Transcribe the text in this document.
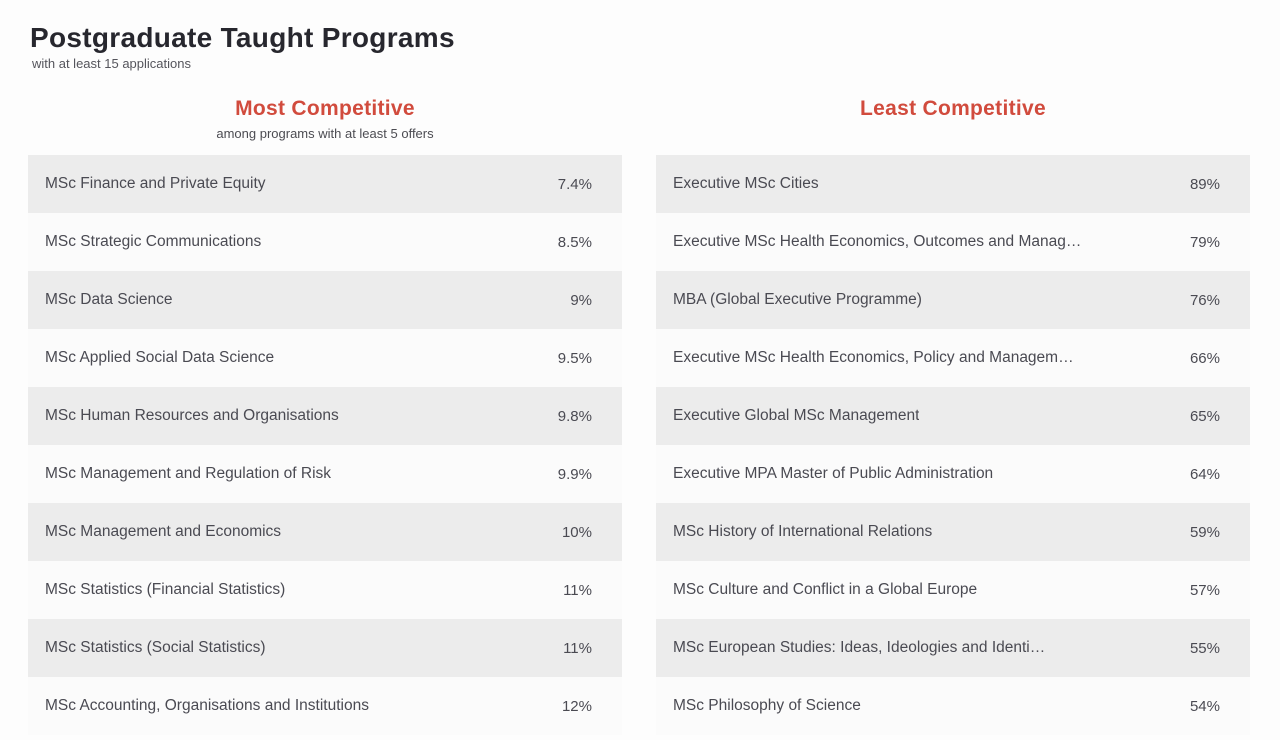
Postgraduate Taught Programs

with at least 15 applications

Most Competitive

among programs with at least 5 offers

MSc Finance and Private Equity	7.4%
MSc Strategic Communications	8.5%
MSc Data Science	9%
MSc Applied Social Data Science	9.5%
MSc Human Resources and Organisations	9.8%
MSc Management and Regulation of Risk	9.9%
MSc Management and Economics	10%
MSc Statistics (Financial Statistics)	11%
MSc Statistics (Social Statistics)	11%
MSc Accounting, Organisations and Institutions	12%
Least Competitive

Executive MSc Cities	89%
Executive MSc Health Economics, Outcomes and Manag…	79%
MBA (Global Executive Programme)	76%
Executive MSc Health Economics, Policy and Managem…	66%
Executive Global MSc Management	65%
Executive MPA Master of Public Administration	64%
MSc History of International Relations	59%
MSc Culture and Conflict in a Global Europe	57%
MSc European Studies: Ideas, Ideologies and Identi…	55%
MSc Philosophy of Science	54%
